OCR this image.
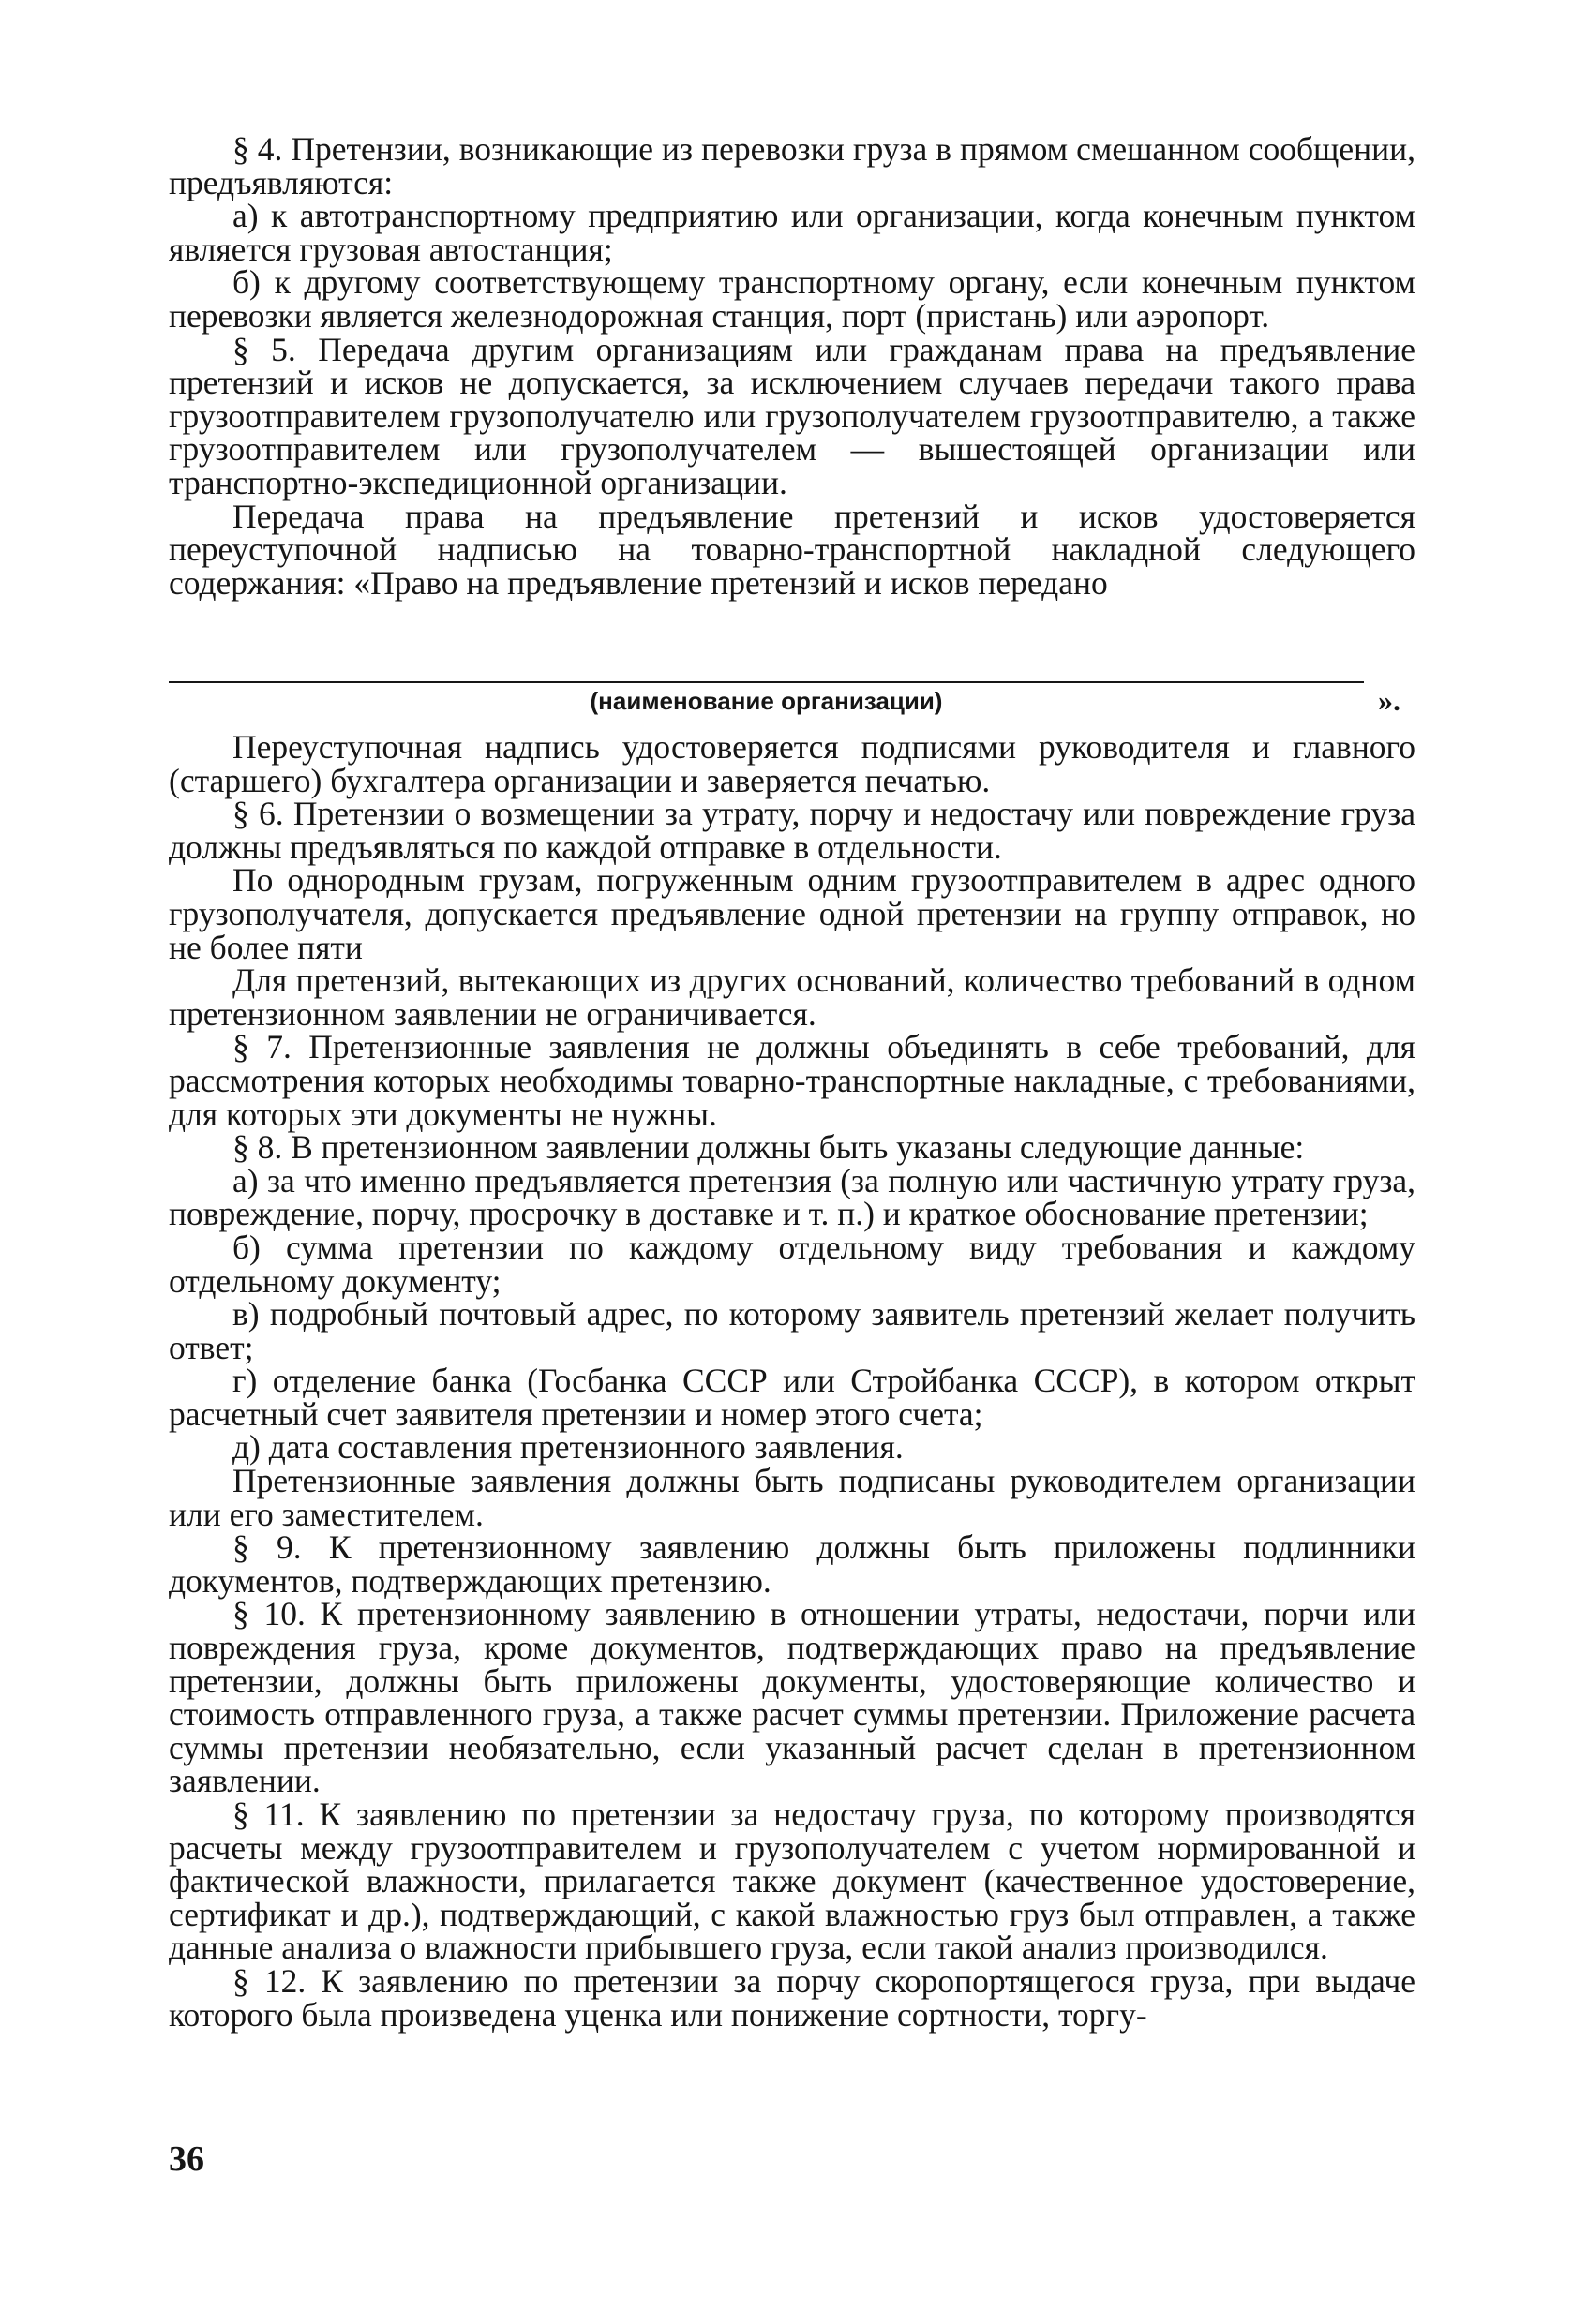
§ 4. Претензии, возникающие из перевозки груза в прямом смешанном сообщении, предъявляются:

а) к автотранспортному предприятию или организации, когда конечным пунктом является грузовая автостанция;

б) к другому соответствующему транспортному органу, если конечным пунктом перевозки является железнодорожная станция, порт (пристань) или аэропорт.

§ 5. Передача другим организациям или гражданам права на предъявление претензий и исков не допускается, за исключением случаев передачи такого права грузоотправителем грузополучателю или грузополучателем грузоотправителю, а также грузоотправителем или грузополучателем — вышестоящей организации или транспортно-экспедиционной организации.

Передача права на предъявление претензий и исков удостоверяется переуступочной надписью на товарно-транспортной накладной следующего содержания: «Право на предъявление претензий и исков передано

(наименование организации)	».

Переуступочная надпись удостоверяется подписями руководителя и главного (старшего) бухгалтера организации и заверяется печатью.

§ 6. Претензии о возмещении за утрату, порчу и недостачу или повреждение груза должны предъявляться по каждой отправке в отдельности.

По однородным грузам, погруженным одним грузоотправителем в адрес одного грузополучателя, допускается предъявление одной претензии на группу отправок, но не более пяти

Для претензий, вытекающих из других оснований, количество требований в одном претензионном заявлении не ограничивается.

§ 7. Претензионные заявления не должны объединять в себе требований, для рассмотрения которых необходимы товарно-транспортные накладные, с требованиями, для которых эти документы не нужны.

§ 8. В претензионном заявлении должны быть указаны следующие данные:

а) за что именно предъявляется претензия (за полную или частичную утрату груза, повреждение, порчу, просрочку в доставке и т. п.) и краткое обоснование претензии;

б) сумма претензии по каждому отдельному виду требования и каждому отдельному документу;

в) подробный почтовый адрес, по которому заявитель претензий желает получить ответ;

г) отделение банка (Госбанка СССР или Стройбанка СССР), в котором открыт расчетный счет заявителя претензии и номер этого счета;

д) дата составления претензионного заявления.

Претензионные заявления должны быть подписаны руководителем организации или его заместителем.

§ 9. К претензионному заявлению должны быть приложены подлинники документов, подтверждающих претензию.

§ 10. К претензионному заявлению в отношении утраты, недостачи, порчи или повреждения груза, кроме документов, подтверждающих право на предъявление претензии, должны быть приложены документы, удостоверяющие количество и стоимость отправленного груза, а также расчет суммы претензии. Приложение расчета суммы претензии необязательно, если указанный расчет сделан в претензионном заявлении.

§ 11. К заявлению по претензии за недостачу груза, по которому производятся расчеты между грузоотправителем и грузополучателем с учетом нормированной и фактической влажности, прилагается также документ (качественное удостоверение, сертификат и др.), подтверждающий, с какой влажностью груз был отправлен, а также данные анализа о влажности прибывшего груза, если такой анализ производился.

§ 12. К заявлению по претензии за порчу скоропортящегося груза, при выдаче которого была произведена уценка или понижение сортности, торгу-

36
